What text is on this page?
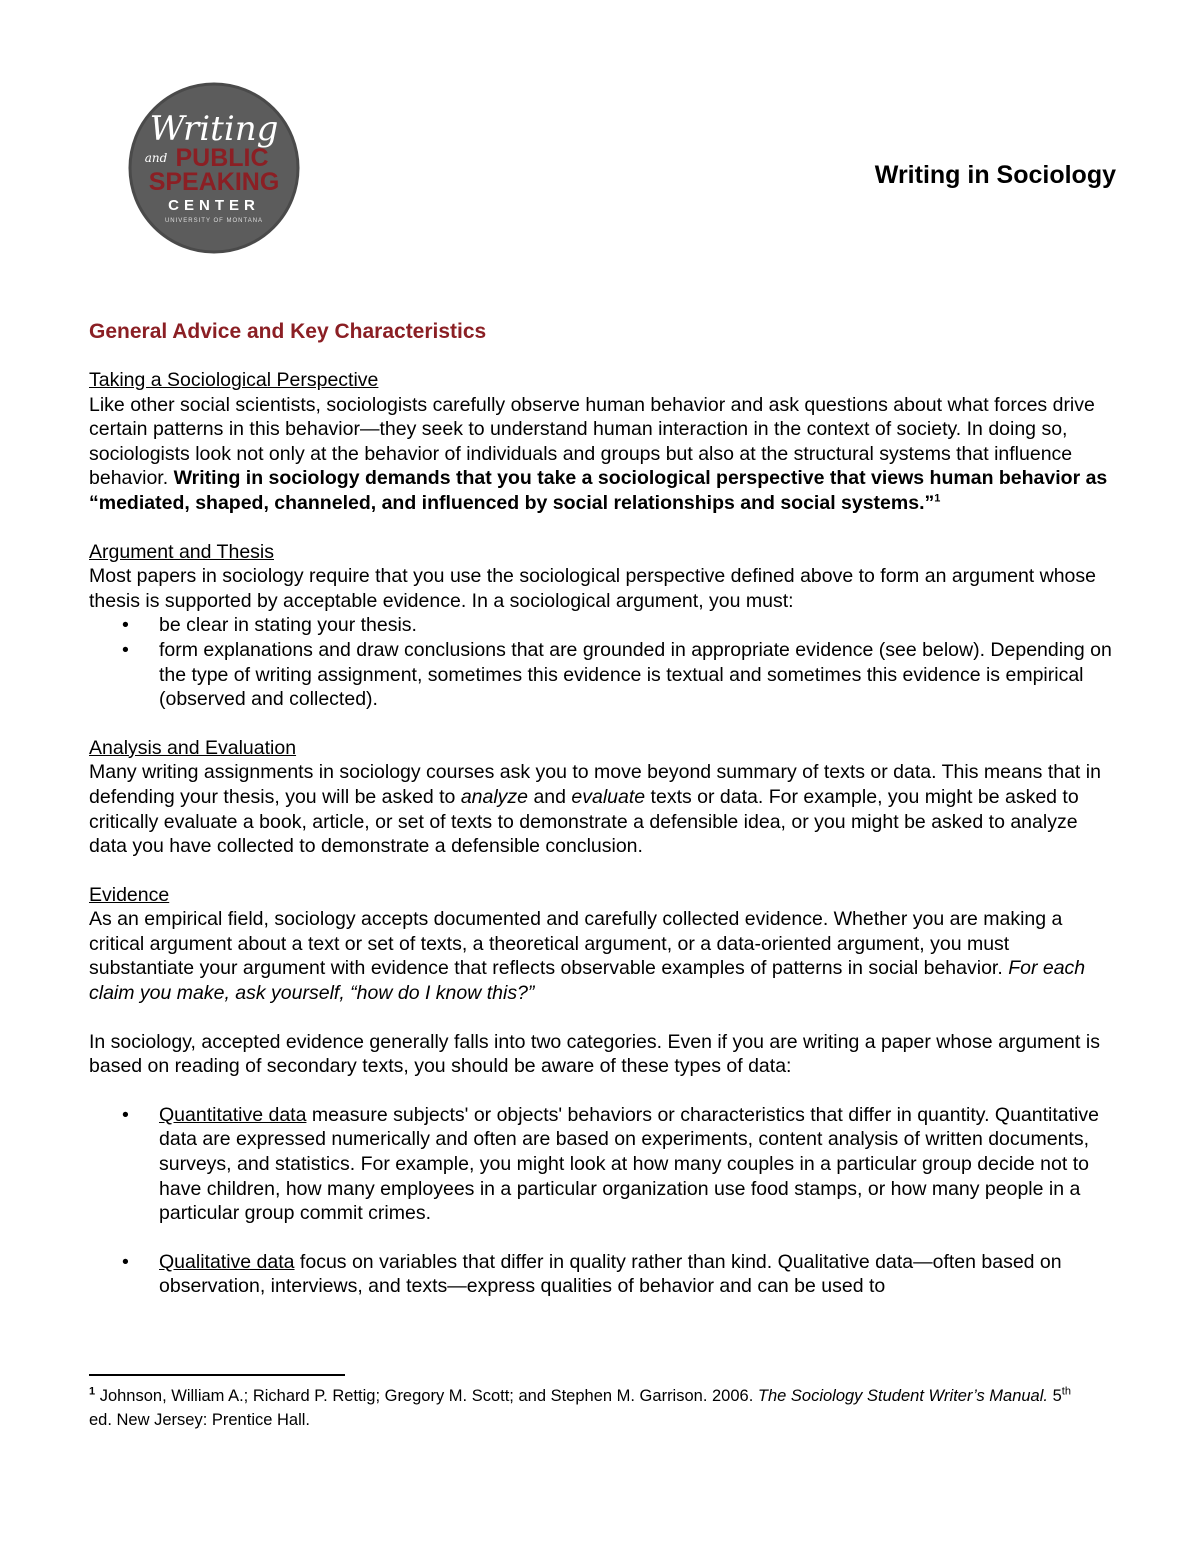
Writing
and PUBLIC
SPEAKING
CENTER
UNIVERSITY OF MONTANA
Writing in Sociology
General Advice and Key Characteristics
Taking a Sociological Perspective

Like other social scientists, sociologists carefully observe human behavior and ask questions about what forces drive certain patterns in this behavior—they seek to understand human interaction in the context of society. In doing so, sociologists look not only at the behavior of individuals and groups but also at the structural systems that influence behavior. Writing in sociology demands that you take a sociological perspective that views human behavior as “mediated, shaped, channeled, and influenced by social relationships and social systems.”$^1$

Argument and Thesis

Most papers in sociology require that you use the sociological perspective defined above to form an argument whose thesis is supported by acceptable evidence. In a sociological argument, you must:

• be clear in stating your thesis.
• form explanations and draw conclusions that are grounded in appropriate evidence (see below). Depending on the type of writing assignment, sometimes this evidence is textual and sometimes this evidence is empirical (observed and collected).
Analysis and Evaluation

Many writing assignments in sociology courses ask you to move beyond summary of texts or data. This means that in defending your thesis, you will be asked to analyze and evaluate texts or data. For example, you might be asked to critically evaluate a book, article, or set of texts to demonstrate a defensible idea, or you might be asked to analyze data you have collected to demonstrate a defensible conclusion.

Evidence

As an empirical field, sociology accepts documented and carefully collected evidence. Whether you are making a critical argument about a text or set of texts, a theoretical argument, or a data-oriented argument, you must substantiate your argument with evidence that reflects observable examples of patterns in social behavior. For each claim you make, ask yourself, “how do I know this?”

In sociology, accepted evidence generally falls into two categories. Even if you are writing a paper whose argument is based on reading of secondary texts, you should be aware of these types of data:

• Quantitative data measure subjects' or objects' behaviors or characteristics that differ in quantity. Quantitative data are expressed numerically and often are based on experiments, content analysis of written documents, surveys, and statistics. For example, you might look at how many couples in a particular group decide not to have children, how many employees in a particular organization use food stamps, or how many people in a particular group commit crimes.
• Qualitative data focus on variables that differ in quality rather than kind. Qualitative data—often based on observation, interviews, and texts—express qualities of behavior and can be used to
$^1$ Johnson, William A.; Richard P. Rettig; Gregory M. Scott; and Stephen M. Garrison. 2006. The Sociology Student Writer’s Manual. 5th ed. New Jersey: Prentice Hall.
